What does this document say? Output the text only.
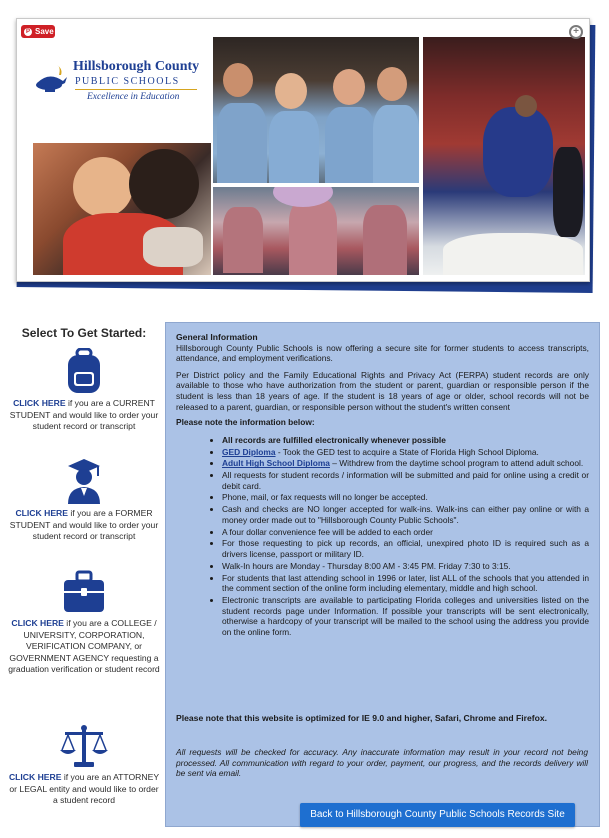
P Save	+
Hillsborough County
PUBLIC SCHOOLS
Excellence in Education
Select To Get Started:
CLICK HERE if you are a CURRENT STUDENT and would like to order your student record or transcript
CLICK HERE if you are a FORMER STUDENT and would like to order your student record or transcript
CLICK HERE if you are a COLLEGE / UNIVERSITY, CORPORATION, VERIFICATION COMPANY, or GOVERNMENT AGENCY requesting a graduation verification or student record
CLICK HERE if you are an ATTORNEY or LEGAL entity and would like to order a student record
General Information

Hillsborough County Public Schools is now offering a secure site for former students to access transcripts, attendance, and employment verifications.

Per District policy and the Family Educational Rights and Privacy Act (FERPA) student records are only available to those who have authorization from the student or parent, guardian or responsible person if the student is less than 18 years of age. If the student is 18 years of age or older, school records will not be released to a parent, guardian, or responsible person without the student's written consent

Please note the information below:
• All records are fulfilled electronically whenever possible
• GED Diploma - Took the GED test to acquire a State of Florida High School Diploma.
• Adult High School Diploma – Withdrew from the daytime school program to attend adult school.
• All requests for student records / information will be submitted and paid for online using a credit or debit card.
• Phone, mail, or fax requests will no longer be accepted.
• Cash and checks are NO longer accepted for walk-ins. Walk-ins can either pay online or with a money order made out to "Hillsborough County Public Schools".
• A four dollar convenience fee will be added to each order
• For those requesting to pick up records, an official, unexpired photo ID is required such as a drivers license, passport or military ID.
• Walk-In hours are Monday - Thursday 8:00 AM - 3:45 PM. Friday 7:30 to 3:15.
• For students that last attending school in 1996 or later, list ALL of the schools that you attended in the comment section of the online form including elementary, middle and high school.
• Electronic transcripts are available to participating Florida colleges and universities listed on the student records page under Information. If possible your transcripts will be sent electronically, otherwise a hardcopy of your transcript will be mailed to the school using the address you provide on the online form.
Please note that this website is optimized for IE 9.0 and higher, Safari, Chrome and Firefox.
All requests will be checked for accuracy. Any inaccurate information may result in your record not being processed. All communication with regard to your order, payment, our progress, and the records delivery will be sent via email.
Back to Hillsborough County Public Schools Records Site
